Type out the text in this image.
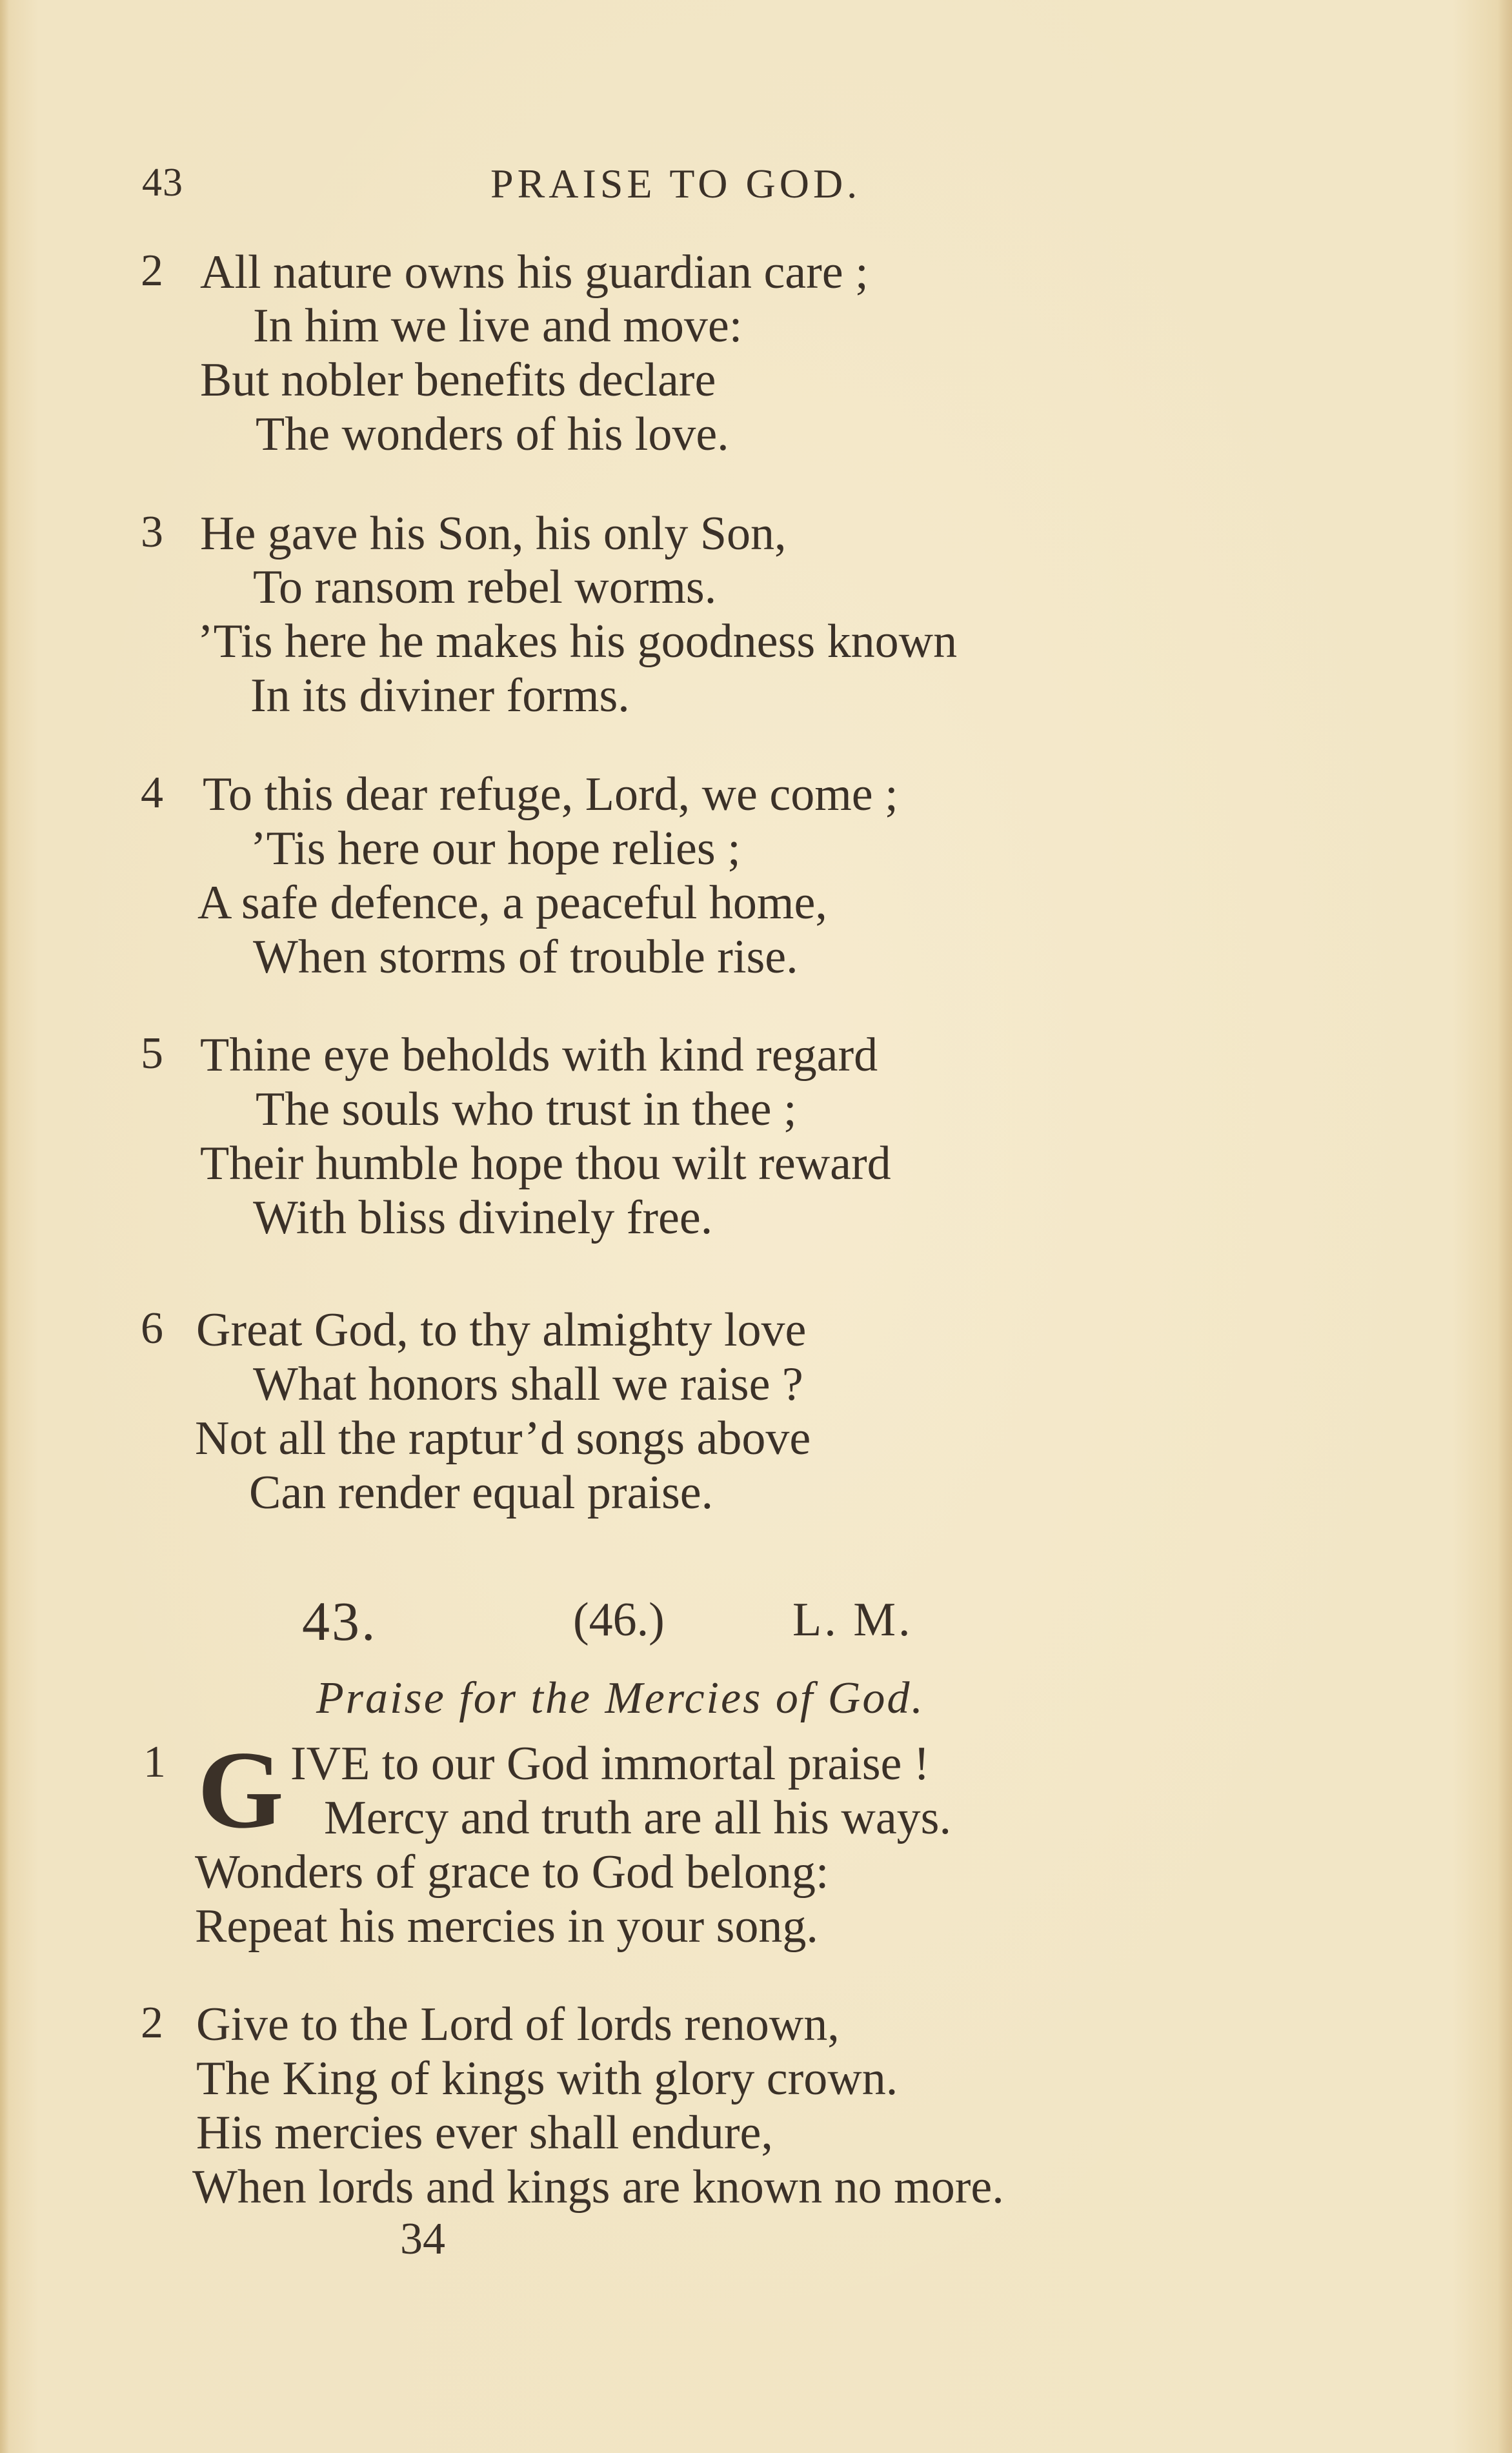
43	PRAISE TO GOD.
2 All nature owns his guardian care ;
In him we live and move:
But nobler benefits declare
The wonders of his love.
3 He gave his Son, his only Son,
To ransom rebel worms.
’Tis here he makes his goodness known
In its diviner forms.
4 To this dear refuge, Lord, we come ;
’Tis here our hope relies ;
A safe defence, a peaceful home,
When storms of trouble rise.
5 Thine eye beholds with kind regard
The souls who trust in thee ;
Their humble hope thou wilt reward
With bliss divinely free.
6 Great God, to thy almighty love
What honors shall we raise ?
Not all the raptur’d songs above
Can render equal praise.
43.	(46.)	L. M.
Praise for the Mercies of God.
1 G IVE to our God immortal praise !
Mercy and truth are all his ways.
Wonders of grace to God belong:
Repeat his mercies in your song.
2 Give to the Lord of lords renown,
The King of kings with glory crown.
His mercies ever shall endure,
When lords and kings are known no more.
34
